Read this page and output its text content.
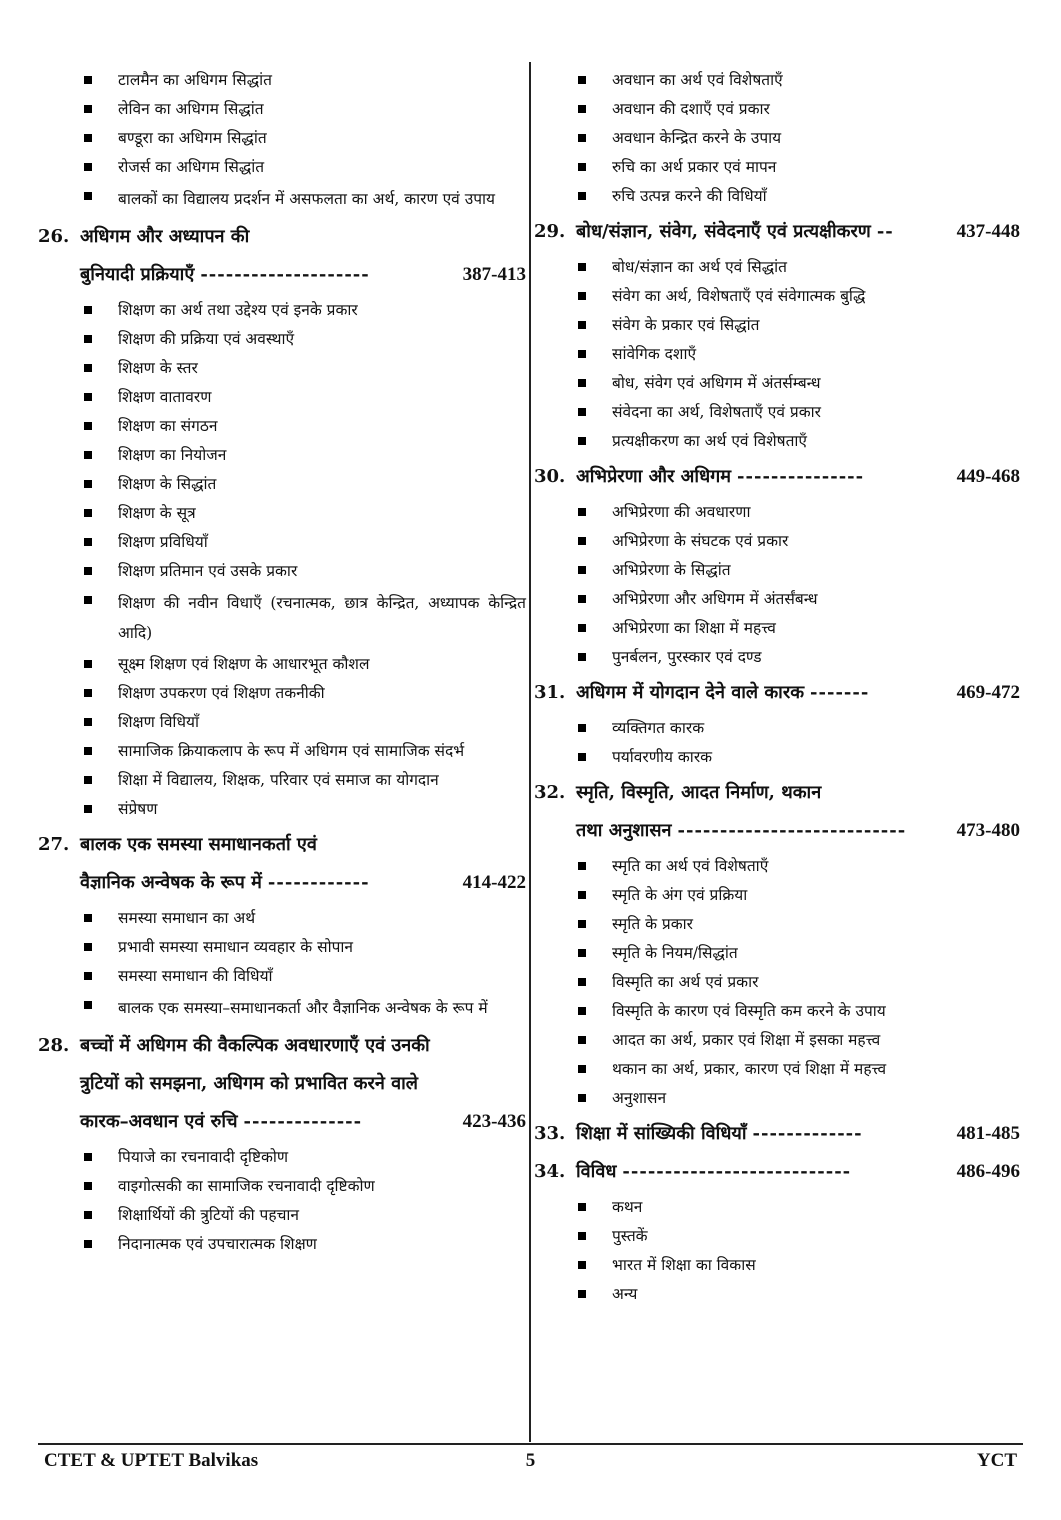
टालमैन का अधिगम सिद्धांत
लेविन का अधिगम सिद्धांत
बण्डूरा का अधिगम सिद्धांत
रोजर्स का अधिगम सिद्धांत
बालकों का विद्यालय प्रदर्शन में असफलता का अर्थ, कारण एवं उपाय
26. अधिगम और अध्यापन की
बुनियादी प्रक्रियाएँ --------------------	387-413
शिक्षण का अर्थ तथा उद्देश्य एवं इनके प्रकार
शिक्षण की प्रक्रिया एवं अवस्थाएँ
शिक्षण के स्तर
शिक्षण वातावरण
शिक्षण का संगठन
शिक्षण का नियोजन
शिक्षण के सिद्धांत
शिक्षण के सूत्र
शिक्षण प्रविधियाँ
शिक्षण प्रतिमान एवं उसके प्रकार
शिक्षण की नवीन विधाएँ (रचनात्मक, छात्र केन्द्रित, अध्यापक केन्द्रित आदि)
सूक्ष्म शिक्षण एवं शिक्षण के आधारभूत कौशल
शिक्षण उपकरण एवं शिक्षण तकनीकी
शिक्षण विधियाँ
सामाजिक क्रियाकलाप के रूप में अधिगम एवं सामाजिक संदर्भ
शिक्षा में विद्यालय, शिक्षक, परिवार एवं समाज का योगदान
संप्रेषण
27. बालक एक समस्या समाधानकर्ता एवं
वैज्ञानिक अन्वेषक के रूप में ------------	414-422
समस्या समाधान का अर्थ
प्रभावी समस्या समाधान व्यवहार के सोपान
समस्या समाधान की विधियाँ
बालक एक समस्या–समाधानकर्ता और वैज्ञानिक अन्वेषक के रूप में
28. बच्चों में अधिगम की वैकल्पिक अवधारणाएँ एवं उनकी
त्रुटियों को समझना, अधिगम को प्रभावित करने वाले
कारक–अवधान एवं रुचि --------------	423-436
पियाजे का रचनावादी दृष्टिकोण
वाइगोत्सकी का सामाजिक रचनावादी दृष्टिकोण
शिक्षार्थियों की त्रुटियों की पहचान
निदानात्मक एवं उपचारात्मक शिक्षण
अवधान का अर्थ एवं विशेषताएँ
अवधान की दशाएँ एवं प्रकार
अवधान केन्द्रित करने के उपाय
रुचि का अर्थ प्रकार एवं मापन
रुचि उत्पन्न करने की विधियाँ
29. बोध/संज्ञान, संवेग, संवेदनाएँ एवं प्रत्यक्षीकरण --	437-448
बोध/संज्ञान का अर्थ एवं सिद्धांत
संवेग का अर्थ, विशेषताएँ एवं संवेगात्मक बुद्धि
संवेग के प्रकार एवं सिद्धांत
सांवेगिक दशाएँ
बोध, संवेग एवं अधिगम में अंतर्सम्बन्ध
संवेदना का अर्थ, विशेषताएँ एवं प्रकार
प्रत्यक्षीकरण का अर्थ एवं विशेषताएँ
30. अभिप्रेरणा और अधिगम ---------------	449-468
अभिप्रेरणा की अवधारणा
अभिप्रेरणा के संघटक एवं प्रकार
अभिप्रेरणा के सिद्धांत
अभिप्रेरणा और अधिगम में अंतर्संबन्ध
अभिप्रेरणा का शिक्षा में महत्त्व
पुनर्बलन, पुरस्कार एवं दण्ड
31. अधिगम में योगदान देने वाले कारक -------	469-472
व्यक्तिगत कारक
पर्यावरणीय कारक
32. स्मृति, विस्मृति, आदत निर्माण, थकान
तथा अनुशासन ---------------------------	473-480
स्मृति का अर्थ एवं विशेषताएँ
स्मृति के अंग एवं प्रक्रिया
स्मृति के प्रकार
स्मृति के नियम/सिद्धांत
विस्मृति का अर्थ एवं प्रकार
विस्मृति के कारण एवं विस्मृति कम करने के उपाय
आदत का अर्थ, प्रकार एवं शिक्षा में इसका महत्त्व
थकान का अर्थ, प्रकार, कारण एवं शिक्षा में महत्त्व
अनुशासन
33. शिक्षा में सांख्यिकी विधियाँ -------------	481-485
34. विविध ---------------------------	486-496
कथन
पुस्तकें
भारत में शिक्षा का विकास
अन्य
CTET & UPTET Balvikas	5	YCT
